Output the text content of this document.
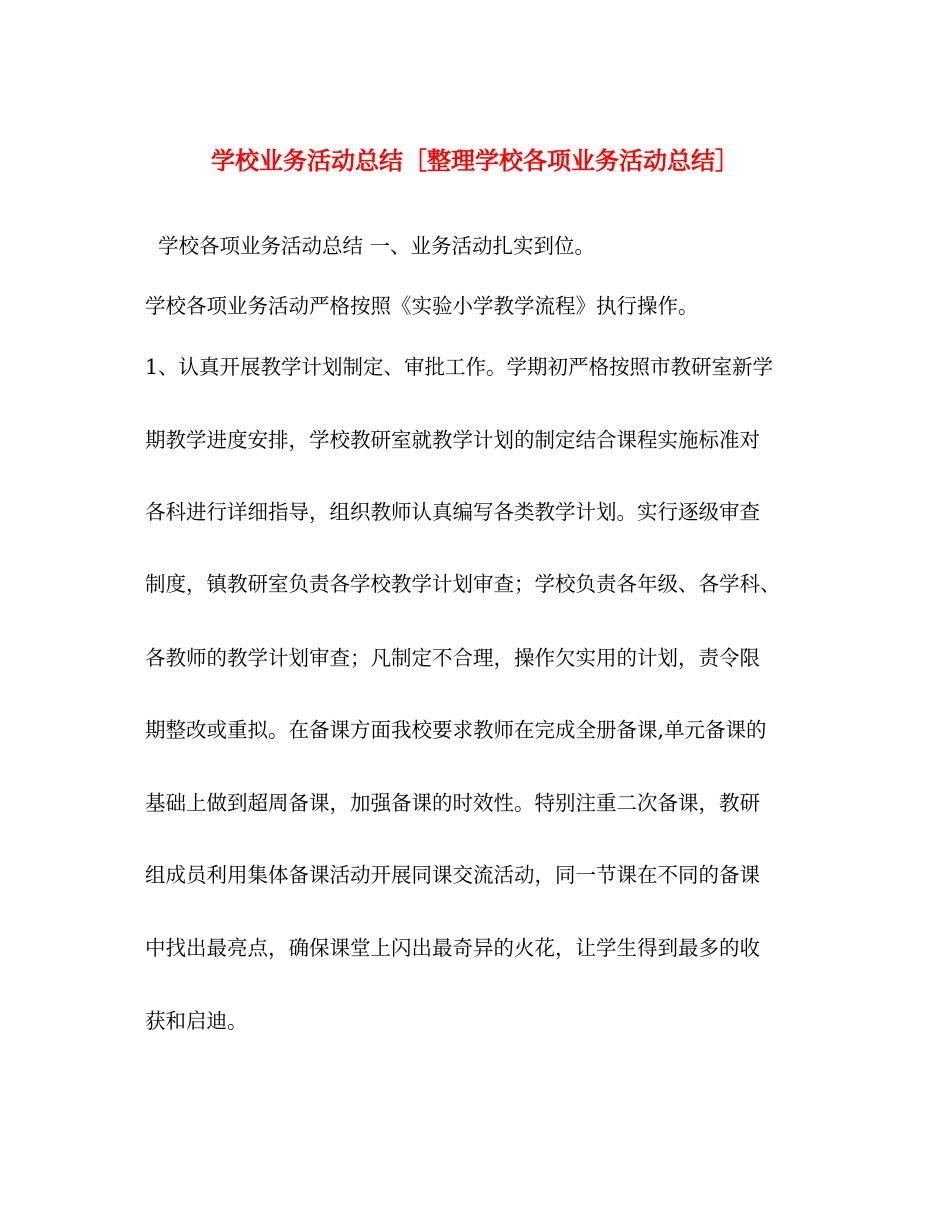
学校业务活动总结［整理学校各项业务活动总结］
学校各项业务活动总结 一、业务活动扎实到位。
学校各项业务活动严格按照《实验小学教学流程》执行操作。
1、认真开展教学计划制定、审批工作。学期初严格按照市教研室新学
期教学进度安排，学校教研室就教学计划的制定结合课程实施标准对
各科进行详细指导，组织教师认真编写各类教学计划。实行逐级审查
制度，镇教研室负责各学校教学计划审查；学校负责各年级、各学科、
各教师的教学计划审查；凡制定不合理，操作欠实用的计划，责令限
期整改或重拟。在备课方面我校要求教师在完成全册备课,单元备课的
基础上做到超周备课，加强备课的时效性。特别注重二次备课，教研
组成员利用集体备课活动开展同课交流活动，同一节课在不同的备课
中找出最亮点，确保课堂上闪出最奇异的火花，让学生得到最多的收
获和启迪。
